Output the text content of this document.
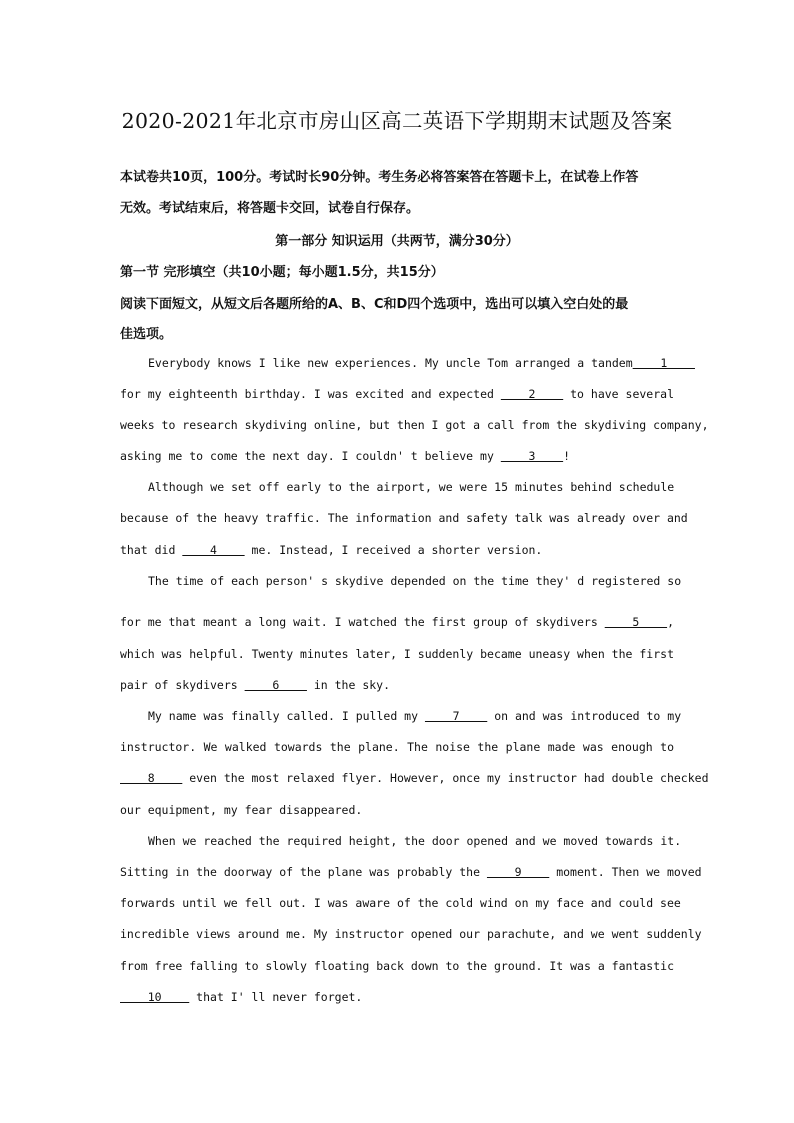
2020-2021年北京市房山区高二英语下学期期末试题及答案
本试卷共10页，100分。考试时长90分钟。考生务必将答案答在答题卡上，在试卷上作答
无效。考试结束后，将答题卡交回，试卷自行保存。
第一部分 知识运用（共两节，满分30分）
第一节 完形填空（共10小题；每小题1.5分，共15分）
阅读下面短文，从短文后各题所给的A、B、C和D四个选项中，选出可以填入空白处的最
佳选项。
Everybody knows I like new experiences. My uncle Tom arranged a tandem    1
for my eighteenth birthday. I was excited and expected     2     to have several
weeks to research skydiving online, but then I got a call from the skydiving company,
asking me to come the next day. I couldn' t believe my     3    !
Although we set off early to the airport, we were 15 minutes behind schedule
because of the heavy traffic. The information and safety talk was already over and
that did     4     me. Instead, I received a shorter version.
The time of each person' s skydive depended on the time they' d registered so
for me that meant a long wait. I watched the first group of skydivers     5    ,
which was helpful. Twenty minutes later, I suddenly became uneasy when the first
pair of skydivers     6     in the sky.
My name was finally called. I pulled my     7     on and was introduced to my
instructor. We walked towards the plane. The noise the plane made was enough to
8     even the most relaxed flyer. However, once my instructor had double checked
our equipment, my fear disappeared.
When we reached the required height, the door opened and we moved towards it.
Sitting in the doorway of the plane was probably the     9     moment. Then we moved
forwards until we fell out. I was aware of the cold wind on my face and could see
incredible views around me. My instructor opened our parachute, and we went suddenly
from free falling to slowly floating back down to the ground. It was a fantastic
10     that I' ll never forget.
